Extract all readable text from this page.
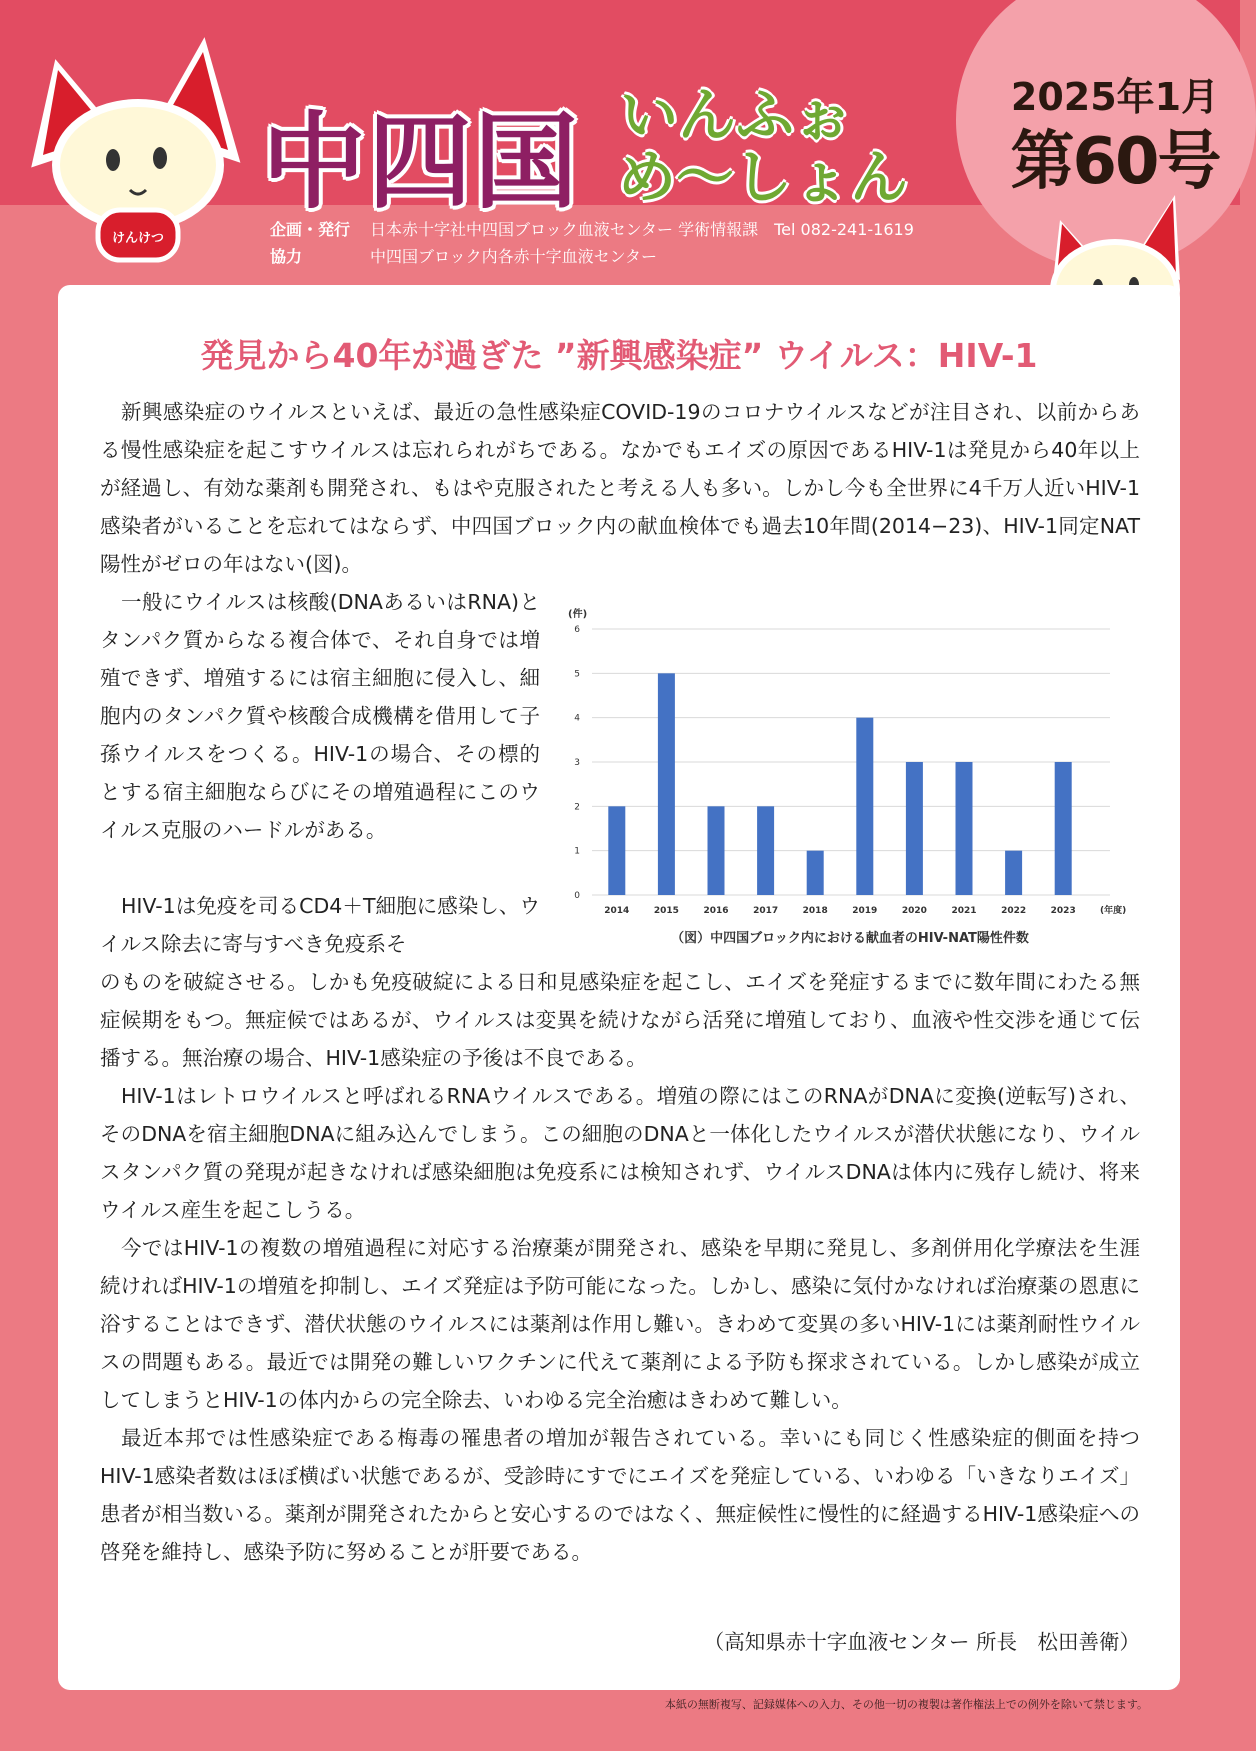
けんけつ
中四国 いんふぉ
め〜しょん
2025年1月
第60号
企画・発行 日本赤十字社中四国ブロック血液センター 学術情報課　Tel 082-241-1619
協力	中四国ブロック内各赤十字血液センター
発見から40年が過ぎた ”新興感染症” ウイルス：HIV-1

新興感染症のウイルスといえば、最近の急性感染症COVID-19のコロナウイルスなどが注目され、以前からある慢性感染症を起こすウイルスは忘れられがちである。なかでもエイズの原因であるHIV-1は発見から40年以上が経過し、有効な薬剤も開発され、もはや克服されたと考える人も多い。しかし今も全世界に4千万人近いHIV-1感染者がいることを忘れてはならず、中四国ブロック内の献血検体でも過去10年間(2014−23)、HIV-1同定NAT陽性がゼロの年はない(図)。

一般にウイルスは核酸(DNAあるいはRNA)とタンパク質からなる複合体で、それ自身では増殖できず、増殖するには宿主細胞に侵入し、細胞内のタンパク質や核酸合成機構を借用して子孫ウイルスをつくる。HIV-1の場合、その標的とする宿主細胞ならびにその増殖過程にこのウイルス克服のハードルがある。

HIV-1は免疫を司るCD4＋T細胞に感染し、ウイルス除去に寄与すべき免疫系そ

のものを破綻させる。しかも免疫破綻による日和見感染症を起こし、エイズを発症するまでに数年間にわたる無症候期をもつ。無症候ではあるが、ウイルスは変異を続けながら活発に増殖しており、血液や性交渉を通じて伝播する。無治療の場合、HIV-1感染症の予後は不良である。

HIV-1はレトロウイルスと呼ばれるRNAウイルスである。増殖の際にはこのRNAがDNAに変換(逆転写)され、そのDNAを宿主細胞DNAに組み込んでしまう。この細胞のDNAと一体化したウイルスが潜伏状態になり、ウイルスタンパク質の発現が起きなければ感染細胞は免疫系には検知されず、ウイルスDNAは体内に残存し続け、将来ウイルス産生を起こしうる。

今ではHIV-1の複数の増殖過程に対応する治療薬が開発され、感染を早期に発見し、多剤併用化学療法を生涯続ければHIV-1の増殖を抑制し、エイズ発症は予防可能になった。しかし、感染に気付かなければ治療薬の恩恵に浴することはできず、潜伏状態のウイルスには薬剤は作用し難い。きわめて変異の多いHIV-1には薬剤耐性ウイルスの問題もある。最近では開発の難しいワクチンに代えて薬剤による予防も探求されている。しかし感染が成立してしまうとHIV-1の体内からの完全除去、いわゆる完全治癒はきわめて難しい。

最近本邦では性感染症である梅毒の罹患者の増加が報告されている。幸いにも同じく性感染症的側面を持つHIV-1感染者数はほぼ横ばい状態であるが、受診時にすでにエイズを発症している、いわゆる「いきなりエイズ」患者が相当数いる。薬剤が開発されたからと安心するのではなく、無症候性に慢性的に経過するHIV-1感染症への啓発を維持し、感染予防に努めることが肝要である。

（高知県赤十字血液センター 所長　松田善衛）
(件)
0
1
2
3
4
5
6
2014	2015	2016	2017	2018	2019	2020	2021	2022	2023	(年度)
（図）中四国ブロック内における献血者のHIV-NAT陽性件数
本紙の無断複写、記録媒体への入力、その他一切の複製は著作権法上での例外を除いて禁じます。
